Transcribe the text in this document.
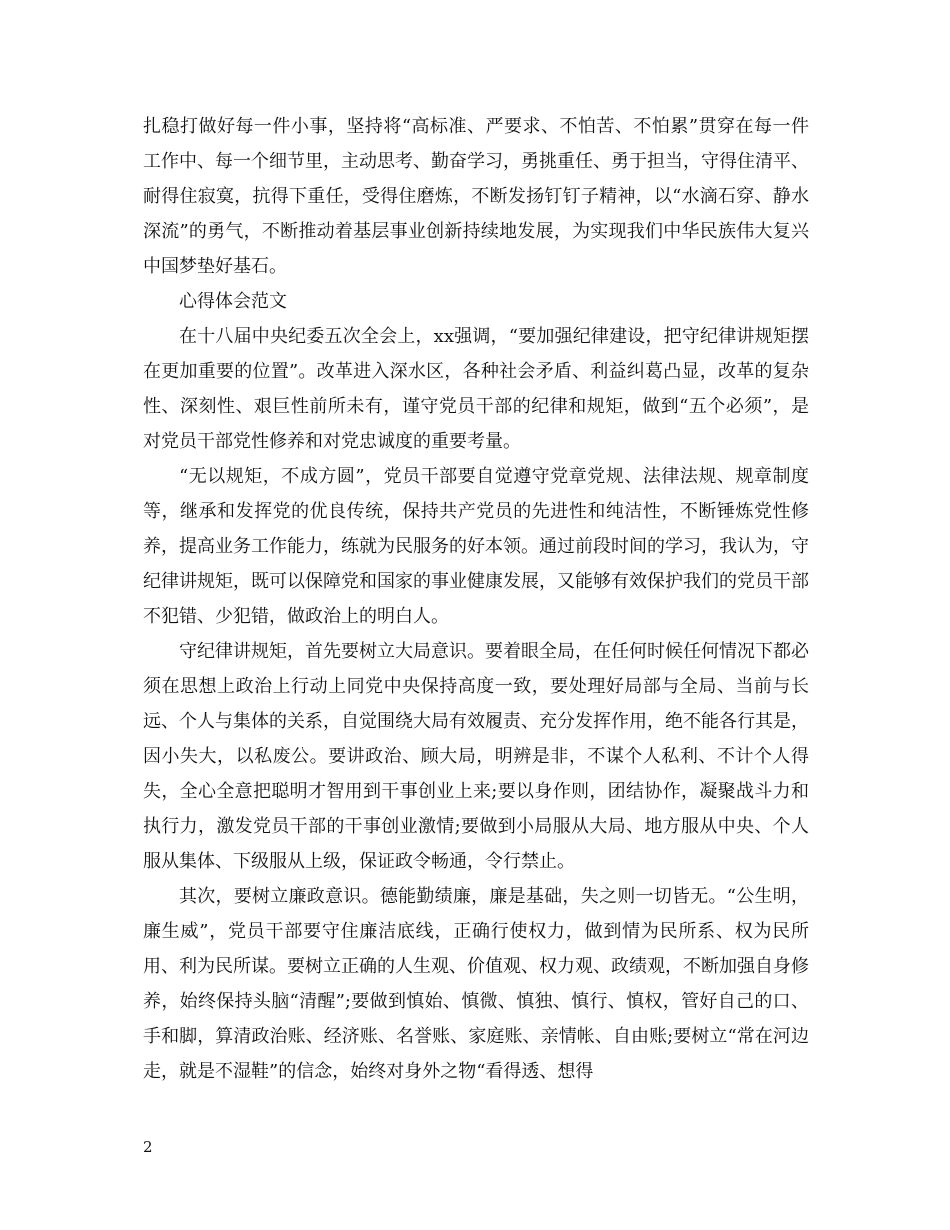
扎稳打做好每一件小事，坚持将“高标准、严要求、不怕苦、不怕累”贯穿在每一件工作中、每一个细节里，主动思考、勤奋学习，勇挑重任、勇于担当，守得住清平、耐得住寂寞，抗得下重任，受得住磨炼，不断发扬钉钉子精神，以“水滴石穿、静水深流”的勇气，不断推动着基层事业创新持续地发展，为实现我们中华民族伟大复兴中国梦垫好基石。

心得体会范文

在十八届中央纪委五次全会上，xx强调，“要加强纪律建设，把守纪律讲规矩摆在更加重要的位置”。改革进入深水区，各种社会矛盾、利益纠葛凸显，改革的复杂性、深刻性、艰巨性前所未有，谨守党员干部的纪律和规矩，做到“五个必须”，是对党员干部党性修养和对党忠诚度的重要考量。

“无以规矩，不成方圆”，党员干部要自觉遵守党章党规、法律法规、规章制度等，继承和发挥党的优良传统，保持共产党员的先进性和纯洁性，不断锤炼党性修养，提高业务工作能力，练就为民服务的好本领。通过前段时间的学习，我认为，守纪律讲规矩，既可以保障党和国家的事业健康发展，又能够有效保护我们的党员干部不犯错、少犯错，做政治上的明白人。

守纪律讲规矩，首先要树立大局意识。要着眼全局，在任何时候任何情况下都必须在思想上政治上行动上同党中央保持高度一致，要处理好局部与全局、当前与长远、个人与集体的关系，自觉围绕大局有效履责、充分发挥作用，绝不能各行其是，因小失大，以私废公。要讲政治、顾大局，明辨是非，不谋个人私利、不计个人得失，全心全意把聪明才智用到干事创业上来;要以身作则，团结协作，凝聚战斗力和执行力，激发党员干部的干事创业激情;要做到小局服从大局、地方服从中央、个人服从集体、下级服从上级，保证政令畅通，令行禁止。

其次，要树立廉政意识。德能勤绩廉，廉是基础，失之则一切皆无。“公生明，廉生威”，党员干部要守住廉洁底线，正确行使权力，做到情为民所系、权为民所用、利为民所谋。要树立正确的人生观、价值观、权力观、政绩观，不断加强自身修养，始终保持头脑“清醒”;要做到慎始、慎微、慎独、慎行、慎权，管好自己的口、手和脚，算清政治账、经济账、名誉账、家庭账、亲情帐、自由账;要树立“常在河边走，就是不湿鞋”的信念，始终对身外之物“看得透、想得

2
